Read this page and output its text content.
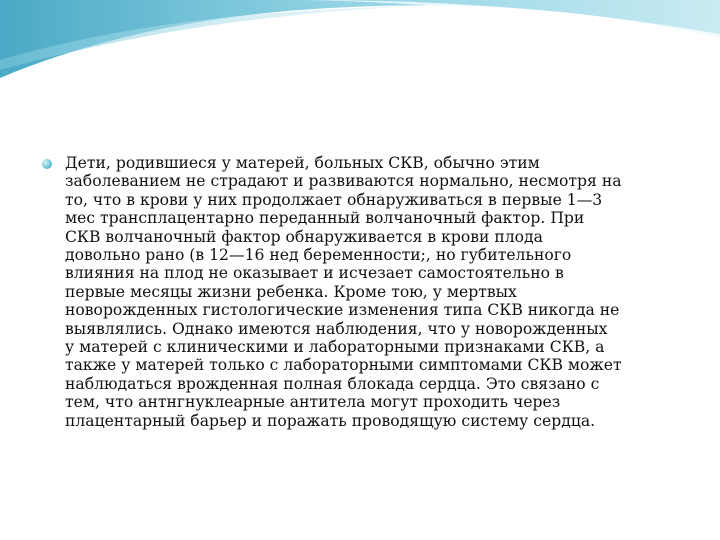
Дети, родившиеся у матерей, больных СКВ, обычно этим
заболеванием не страдают и развиваются нормально, несмотря на
то, что в крови у них продолжает обнаруживаться в первые 1—3
мес трансплацентарно переданный волчаночный фактор. При
СКВ волчаночный фактор обнаруживается в крови плода
довольно рано (в 12—16 нед беременности;, но губительного
влияния на плод не оказывает и исчезает самостоятельно в
первые месяцы жизни ребенка. Кроме тою, у мертвых
новорожденных гистологические изменения типа СКВ никогда не
выявлялись. Однако имеются наблюдения, что у новорожденных
у матерей с клиническими и лабораторными признаками СКВ, а
также у матерей только с лабораторными симптомами СКВ может
наблюдаться врожденная полная блокада сердца. Это связано с
тем, что антнгнуклеарные антитела могут проходить через
плацентарный барьер и поражать проводящую систему сердца.
